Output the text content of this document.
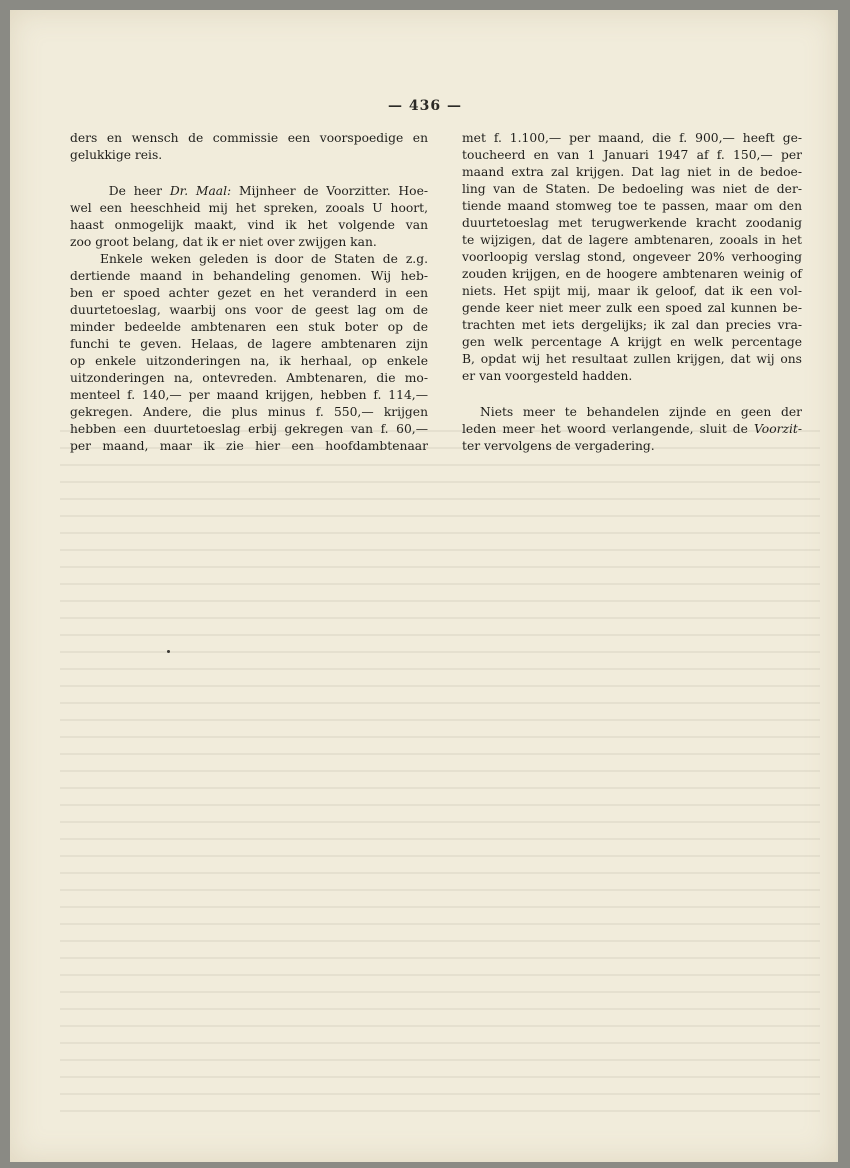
— 436 —

ders en wensch de commissie een voorspoedige en
gelukkige reis.

De heer Dr. Maal: Mijnheer de Voorzitter. Hoe-
wel een heeschheid mij het spreken, zooals U hoort,
haast onmogelijk maakt, vind ik het volgende van
zoo groot belang, dat ik er niet over zwijgen kan.

Enkele weken geleden is door de Staten de z.g.
dertiende maand in behandeling genomen. Wij heb-
ben er spoed achter gezet en het veranderd in een
duurtetoeslag, waarbij ons voor de geest lag om de
minder bedeelde ambtenaren een stuk boter op de
funchi te geven. Helaas, de lagere ambtenaren zijn
op enkele uitzonderingen na, ik herhaal, op enkele
uitzonderingen na, ontevreden. Ambtenaren, die mo-
menteel f. 140,— per maand krijgen, hebben f. 114,—
gekregen. Andere, die plus minus f. 550,— krijgen
hebben een duurtetoeslag erbij gekregen van f. 60,—
per maand, maar ik zie hier een hoofdambtenaar

met f. 1.100,— per maand, die f. 900,— heeft ge-
toucheerd en van 1 Januari 1947 af f. 150,— per
maand extra zal krijgen. Dat lag niet in de bedoe-
ling van de Staten. De bedoeling was niet de der-
tiende maand stomweg toe te passen, maar om den
duurtetoeslag met terugwerkende kracht zoodanig
te wijzigen, dat de lagere ambtenaren, zooals in het
voorloopig verslag stond, ongeveer 20% verhooging
zouden krijgen, en de hoogere ambtenaren weinig of
niets. Het spijt mij, maar ik geloof, dat ik een vol-
gende keer niet meer zulk een spoed zal kunnen be-
trachten met iets dergelijks; ik zal dan precies vra-
gen welk percentage A krijgt en welk percentage
B, opdat wij het resultaat zullen krijgen, dat wij ons
er van voorgesteld hadden.

Niets meer te behandelen zijnde en geen der
leden meer het woord verlangende, sluit de Voorzit-
ter vervolgens de vergadering.
